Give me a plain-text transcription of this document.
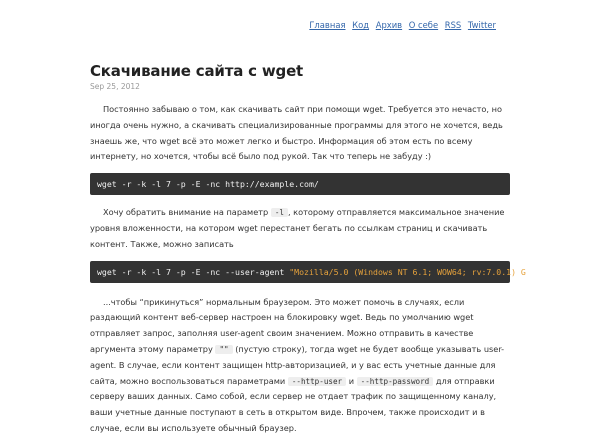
Главная Код Архив О себе RSS Twitter
Скачивание сайта с wget
Sep 25, 2012

Постоянно забываю о том, как скачивать сайт при помощи wget. Требуется это нечасто, но иногда очень нужно, а скачивать специализированные программы для этого не хочется, ведь знаешь же, что wget всё это может легко и быстро. Информация об этом есть по всему интернету, но хочется, чтобы всё было под рукой. Так что теперь не забуду :)

wget -r -k -l 7 -p -E -nc http://example.com/

Хочу обратить внимание на параметр -l , которому отправляется максимальное значение уровня вложенности, на котором wget перестанет бегать по ссылкам страниц и скачивать контент. Также, можно записать

wget -r -k -l 7 -p -E -nc --user-agent "Mozilla/5.0 (Windows NT 6.1; WOW64; rv:7.0.1) G

...чтобы “прикинуться” нормальным браузером. Это может помочь в случаях, если раздающий контент веб-сервер настроен на блокировку wget. Ведь по умолчанию wget отправляет запрос, заполняя user-agent своим значением. Можно отправить в качестве аргумента этому параметру "" (пустую строку), тогда wget не будет вообще указывать user-agent. В случае, если контент защищен http-авторизацией, и у вас есть учетные данные для сайта, можно воспользоваться параметрами --http-user и --http-password для отправки серверу ваших данных. Само собой, если сервер не отдает трафик по защищенному каналу, ваши учетные данные поступают в сеть в открытом виде. Впрочем, также происходит и в случае, если вы используете обычный браузер.
